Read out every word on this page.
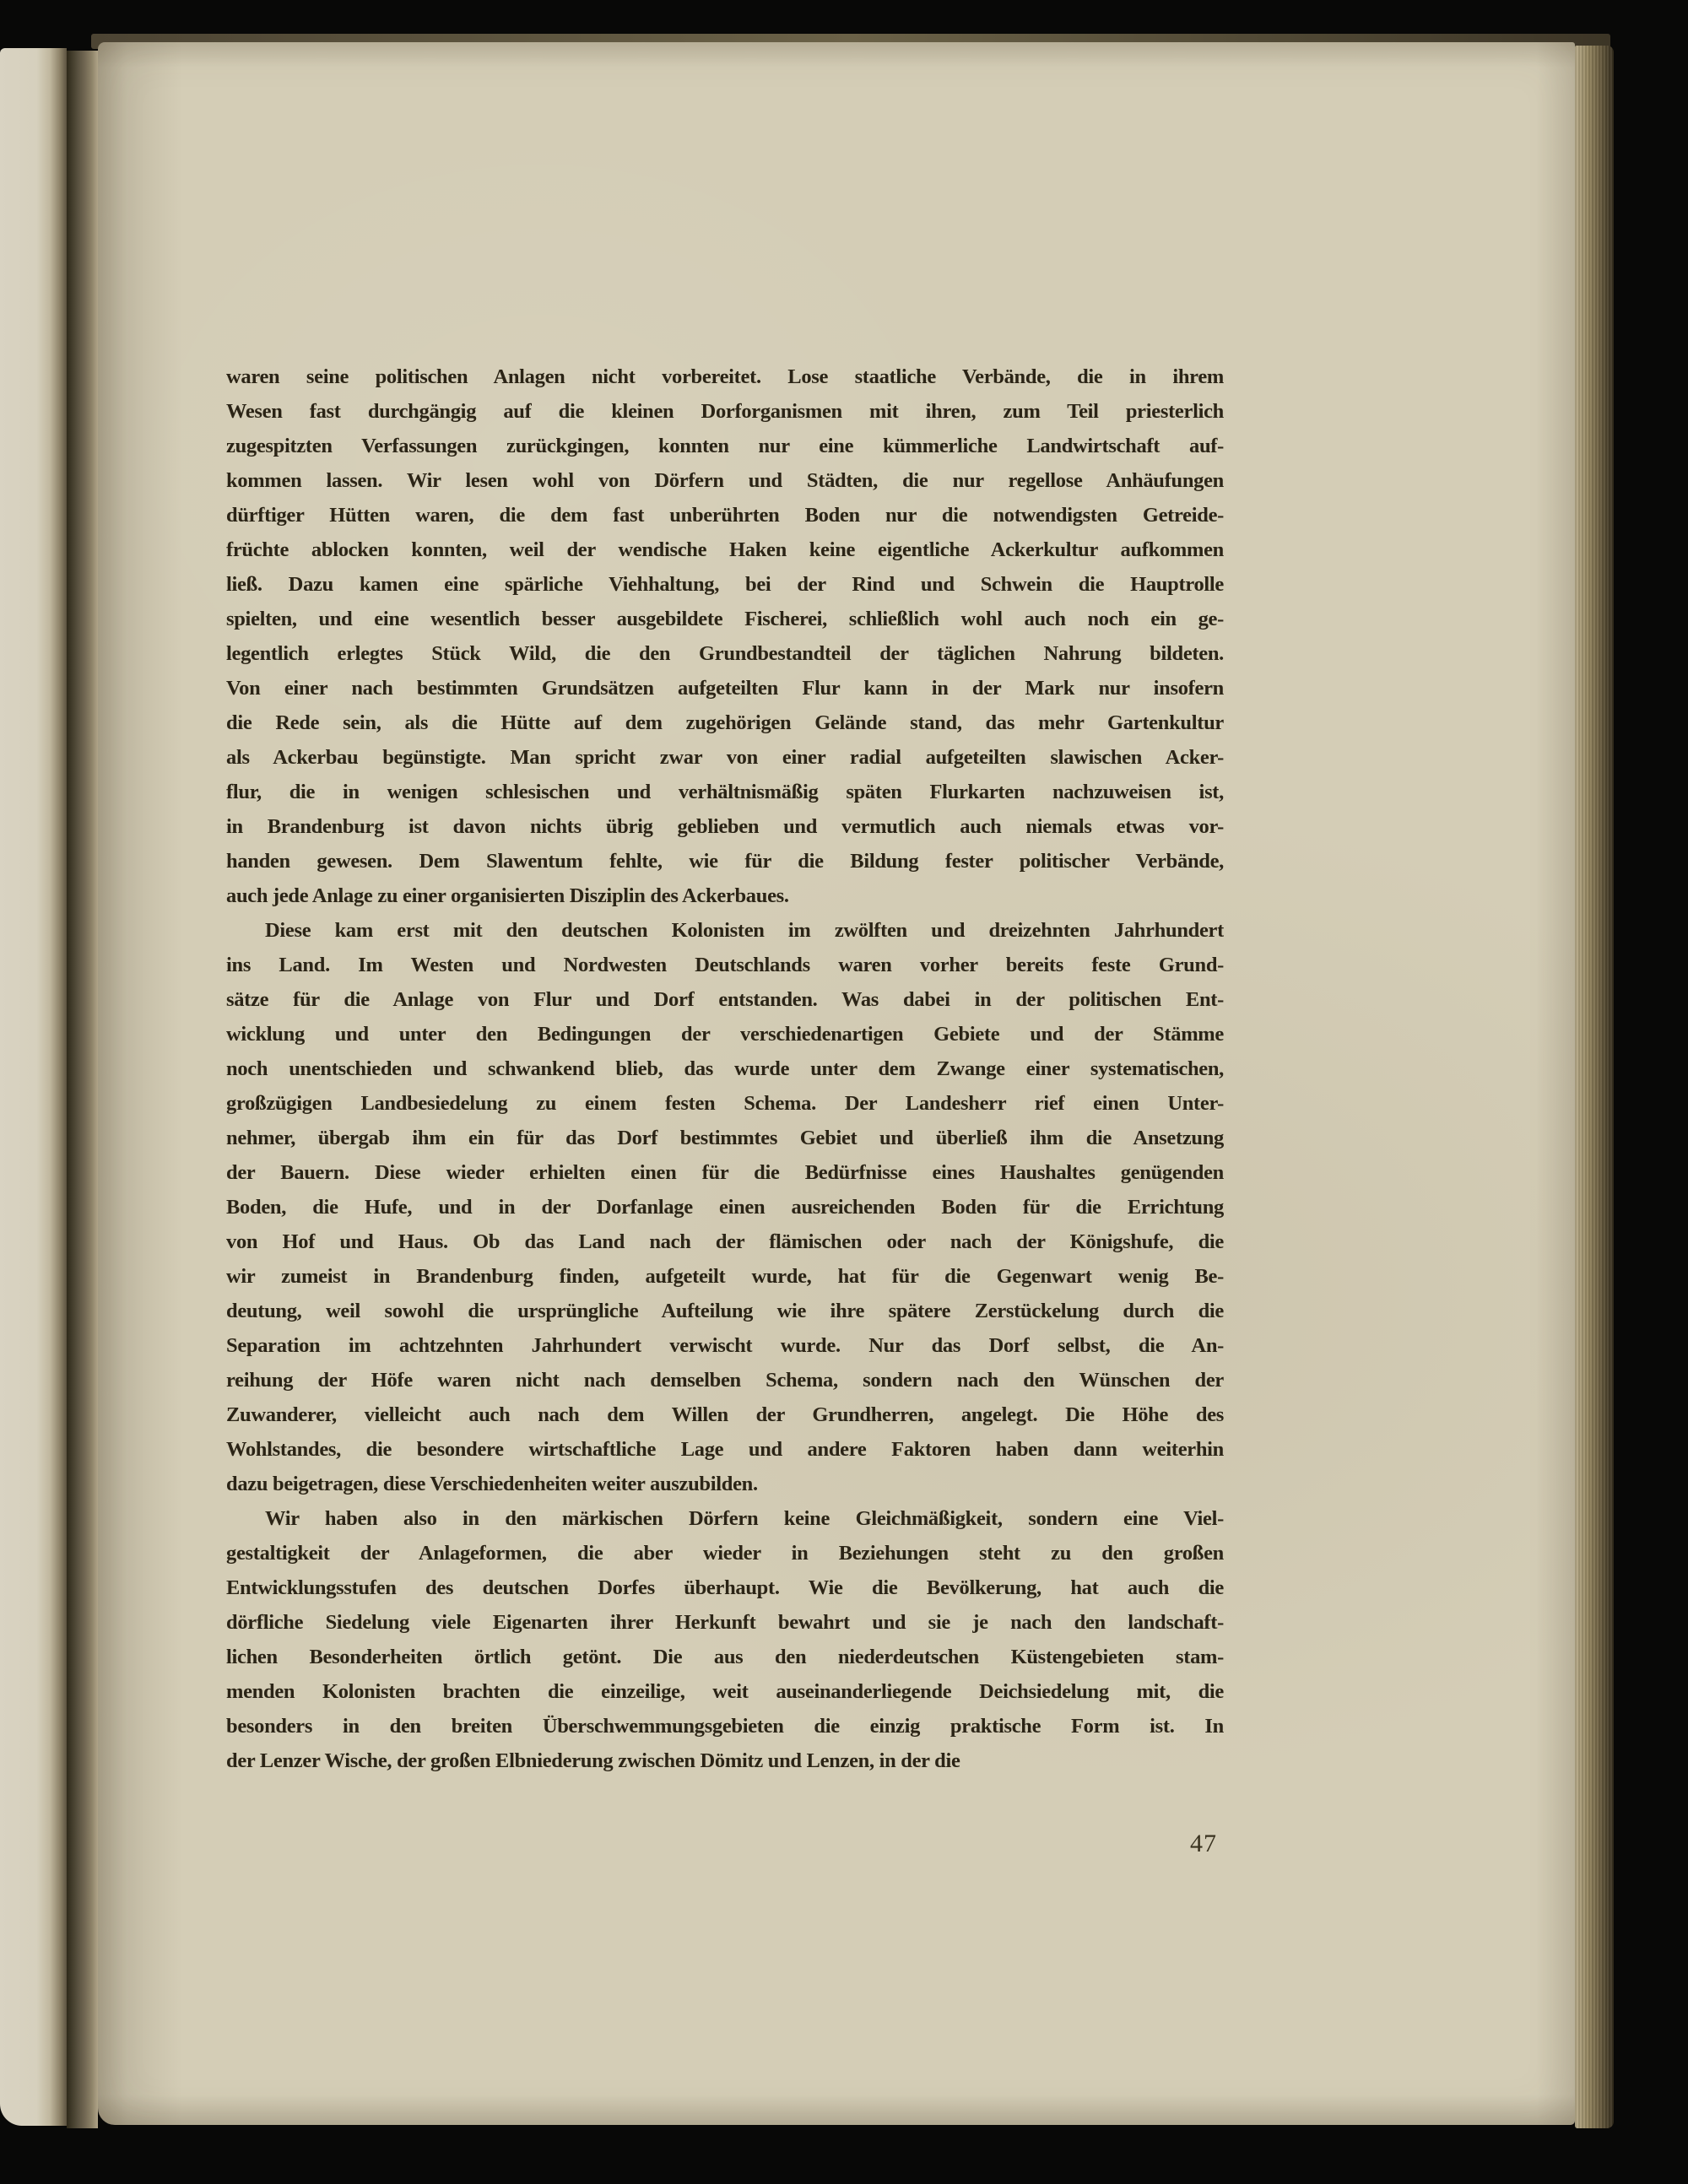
waren seine politischen Anlagen nicht vorbereitet. Lose staatliche Verbände, die in ihrem
Wesen fast durchgängig auf die kleinen Dorforganismen mit ihren, zum Teil priesterlich
zugespitzten Verfassungen zurückgingen, konnten nur eine kümmerliche Landwirtschaft auf-
kommen lassen. Wir lesen wohl von Dörfern und Städten, die nur regellose Anhäufungen
dürftiger Hütten waren, die dem fast unberührten Boden nur die notwendigsten Getreide-
früchte ablocken konnten, weil der wendische Haken keine eigentliche Ackerkultur aufkommen
ließ. Dazu kamen eine spärliche Viehhaltung, bei der Rind und Schwein die Hauptrolle
spielten, und eine wesentlich besser ausgebildete Fischerei, schließlich wohl auch noch ein ge-
legentlich erlegtes Stück Wild, die den Grundbestandteil der täglichen Nahrung bildeten.
Von einer nach bestimmten Grundsätzen aufgeteilten Flur kann in der Mark nur insofern
die Rede sein, als die Hütte auf dem zugehörigen Gelände stand, das mehr Gartenkultur
als Ackerbau begünstigte. Man spricht zwar von einer radial aufgeteilten slawischen Acker-
flur, die in wenigen schlesischen und verhältnismäßig späten Flurkarten nachzuweisen ist,
in Brandenburg ist davon nichts übrig geblieben und vermutlich auch niemals etwas vor-
handen gewesen. Dem Slawentum fehlte, wie für die Bildung fester politischer Verbände,
auch jede Anlage zu einer organisierten Disziplin des Ackerbaues.
Diese kam erst mit den deutschen Kolonisten im zwölften und dreizehnten Jahrhundert
ins Land. Im Westen und Nordwesten Deutschlands waren vorher bereits feste Grund-
sätze für die Anlage von Flur und Dorf entstanden. Was dabei in der politischen Ent-
wicklung und unter den Bedingungen der verschiedenartigen Gebiete und der Stämme
noch unentschieden und schwankend blieb, das wurde unter dem Zwange einer systematischen,
großzügigen Landbesiedelung zu einem festen Schema. Der Landesherr rief einen Unter-
nehmer, übergab ihm ein für das Dorf bestimmtes Gebiet und überließ ihm die Ansetzung
der Bauern. Diese wieder erhielten einen für die Bedürfnisse eines Haushaltes genügenden
Boden, die Hufe, und in der Dorfanlage einen ausreichenden Boden für die Errichtung
von Hof und Haus. Ob das Land nach der flämischen oder nach der Königshufe, die
wir zumeist in Brandenburg finden, aufgeteilt wurde, hat für die Gegenwart wenig Be-
deutung, weil sowohl die ursprüngliche Aufteilung wie ihre spätere Zerstückelung durch die
Separation im achtzehnten Jahrhundert verwischt wurde. Nur das Dorf selbst, die An-
reihung der Höfe waren nicht nach demselben Schema, sondern nach den Wünschen der
Zuwanderer, vielleicht auch nach dem Willen der Grundherren, angelegt. Die Höhe des
Wohlstandes, die besondere wirtschaftliche Lage und andere Faktoren haben dann weiterhin
dazu beigetragen, diese Verschiedenheiten weiter auszubilden.
Wir haben also in den märkischen Dörfern keine Gleichmäßigkeit, sondern eine Viel-
gestaltigkeit der Anlageformen, die aber wieder in Beziehungen steht zu den großen
Entwicklungsstufen des deutschen Dorfes überhaupt. Wie die Bevölkerung, hat auch die
dörfliche Siedelung viele Eigenarten ihrer Herkunft bewahrt und sie je nach den landschaft-
lichen Besonderheiten örtlich getönt. Die aus den niederdeutschen Küstengebieten stam-
menden Kolonisten brachten die einzeilige, weit auseinanderliegende Deichsiedelung mit, die
besonders in den breiten Überschwemmungsgebieten die einzig praktische Form ist. In
der Lenzer Wische, der großen Elbniederung zwischen Dömitz und Lenzen, in der die
47
